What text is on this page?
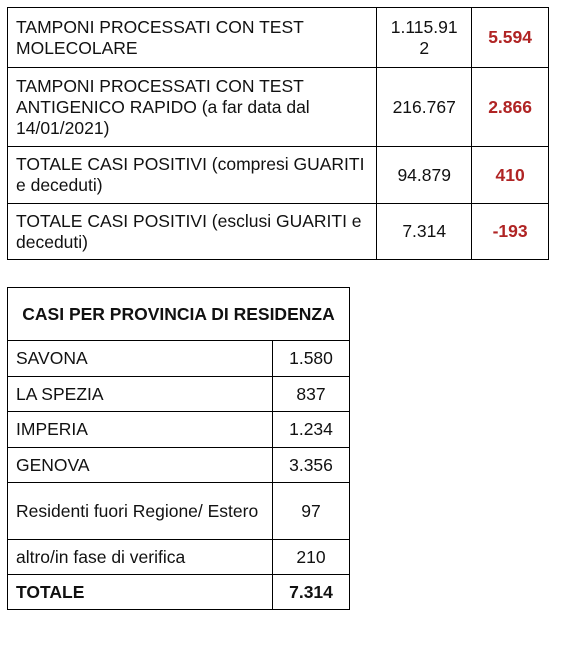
TAMPONI PROCESSATI CON TEST MOLECOLARE	1.115.912	5.594
TAMPONI PROCESSATI CON TEST ANTIGENICO RAPIDO (a far data dal 14/01/2021)	216.767	2.866
TOTALE CASI POSITIVI (compresi GUARITI e deceduti)	94.879	410
TOTALE CASI POSITIVI (esclusi GUARITI e deceduti)	7.314	-193
CASI PER PROVINCIA DI RESIDENZA	
SAVONA	1.580
LA SPEZIA	837
IMPERIA	1.234
GENOVA	3.356
Residenti fuori Regione/ Estero	97
altro/in fase di verifica	210
TOTALE	7.314
